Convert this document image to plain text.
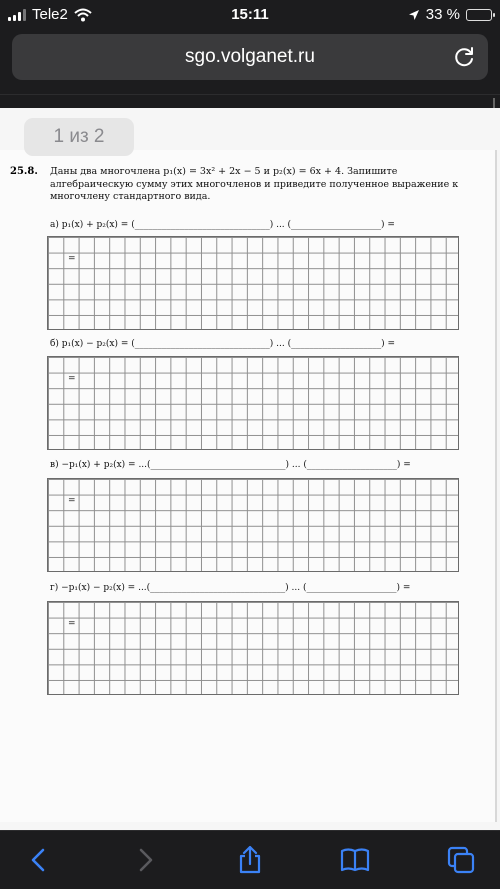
Tele2	15:11	33 %
sgo.volganet.ru
1 из 2
25.8. Даны два многочлена p₁(x) = 3x² + 2x − 5 и p₂(x) = 6x + 4. Запишите алгебраическую сумму этих многочленов и приведите полученное выражение к многочлену стандартного вида.
а) p₁(x) + p₂(x) = (______________________________) ... (____________________) =
=
б) p₁(x) − p₂(x) = (______________________________) ... (____________________) =
=
в) −p₁(x) + p₂(x) = ...(______________________________) ... (____________________) =
=
г) −p₁(x) − p₂(x) = ...(______________________________) ... (____________________) =
=
